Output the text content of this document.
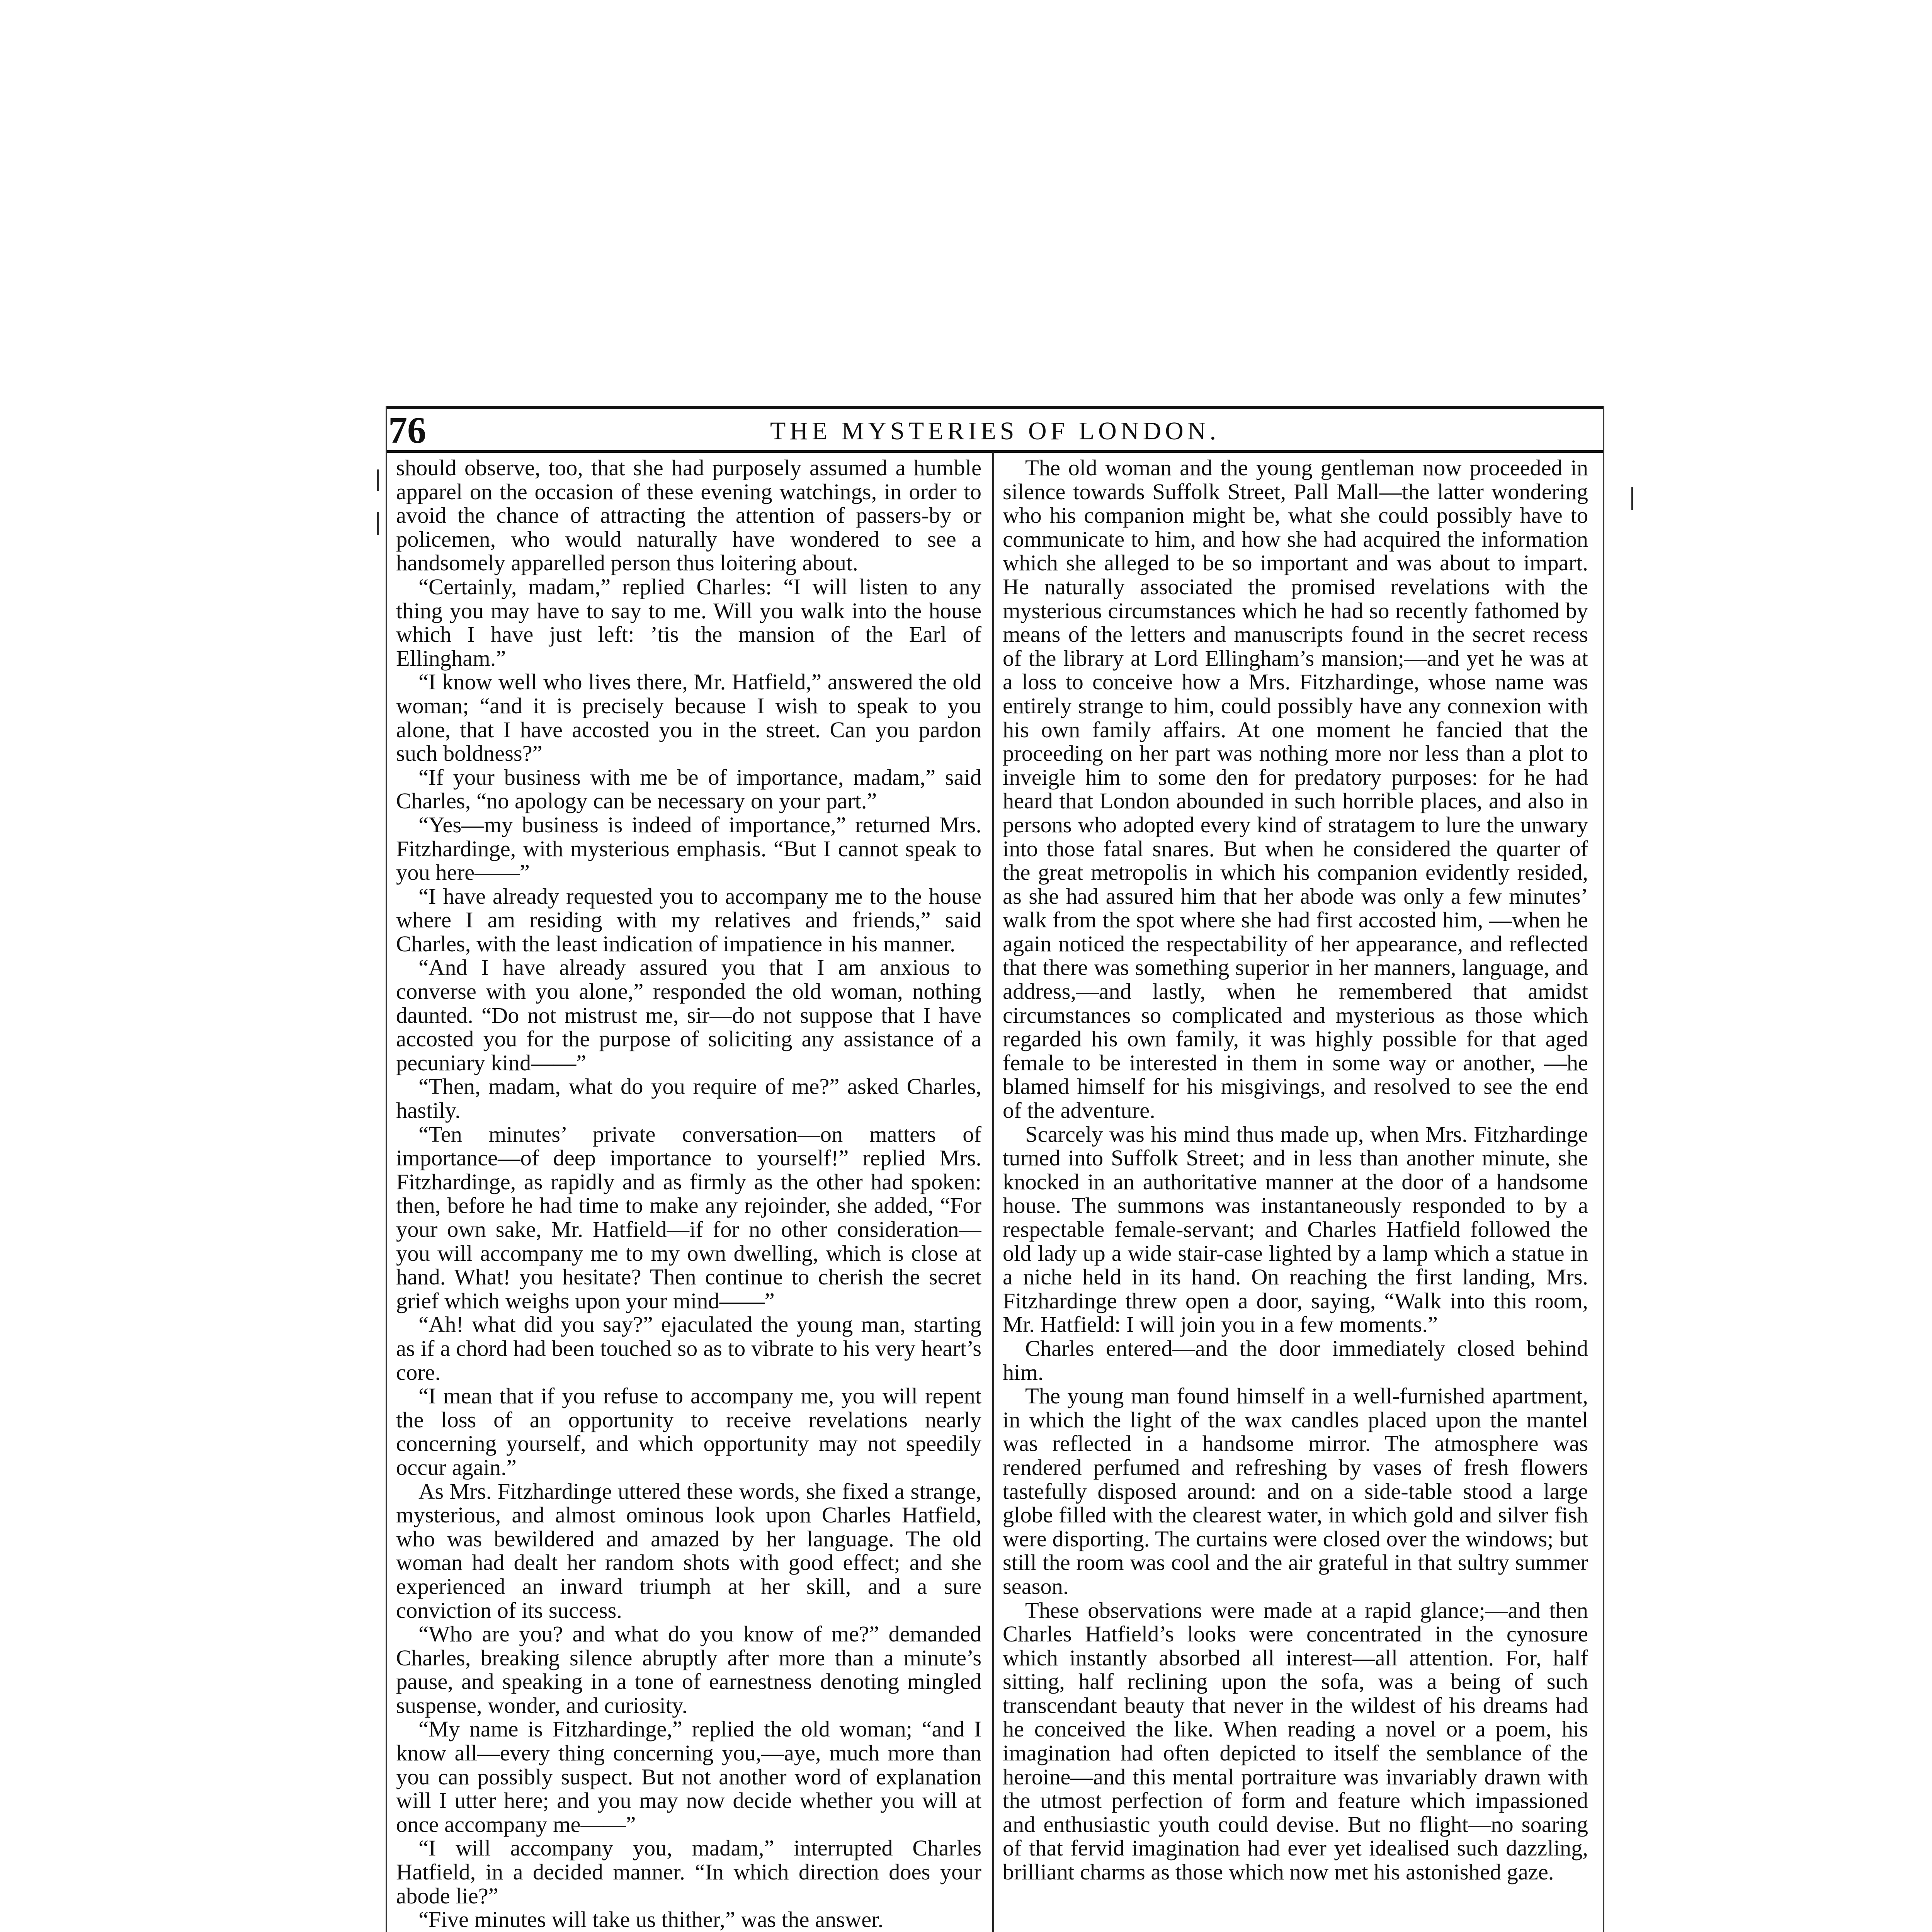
76	THE MYSTERIES OF LONDON.

should observe, too, that she had purposely assumed a humble apparel on the occasion of these evening watchings, in order to avoid the chance of attracting the attention of passers-by or policemen, who would naturally have wondered to see a handsomely apparelled person thus loitering about.

“Certainly, madam,” replied Charles: “I will listen to any thing you may have to say to me. Will you walk into the house which I have just left: ’tis the mansion of the Earl of Ellingham.”

“I know well who lives there, Mr. Hatfield,” answered the old woman; “and it is precisely because I wish to speak to you alone, that I have accosted you in the street. Can you pardon such boldness?”

“If your business with me be of importance, madam,” said Charles, “no apology can be necessary on your part.”

“Yes—my business is indeed of importance,” returned Mrs. Fitzhardinge, with mysterious emphasis. “But I cannot speak to you here——”

“I have already requested you to accompany me to the house where I am residing with my relatives and friends,” said Charles, with the least indication of impatience in his manner.

“And I have already assured you that I am anxious to converse with you alone,” responded the old woman, nothing daunted. “Do not mistrust me, sir—do not suppose that I have accosted you for the purpose of soliciting any assistance of a pecuniary kind——”

“Then, madam, what do you require of me?” asked Charles, hastily.

“Ten minutes’ private conversation—on matters of importance—of deep importance to yourself!” replied Mrs. Fitzhardinge, as rapidly and as firmly as the other had spoken: then, before he had time to make any rejoinder, she added, “For your own sake, Mr. Hatfield—if for no other consideration—you will accompany me to my own dwelling, which is close at hand. What! you hesitate? Then continue to cherish the secret grief which weighs upon your mind——”

“Ah! what did you say?” ejaculated the young man, starting as if a chord had been touched so as to vibrate to his very heart’s core.

“I mean that if you refuse to accompany me, you will repent the loss of an opportunity to receive revelations nearly concerning yourself, and which opportunity may not speedily occur again.”

As Mrs. Fitzhardinge uttered these words, she fixed a strange, mysterious, and almost ominous look upon Charles Hatfield, who was bewildered and amazed by her language. The old woman had dealt her random shots with good effect; and she experienced an inward triumph at her skill, and a sure conviction of its success.

“Who are you? and what do you know of me?” demanded Charles, breaking silence abruptly after more than a minute’s pause, and speaking in a tone of earnestness denoting mingled suspense, wonder, and curiosity.

“My name is Fitzhardinge,” replied the old woman; “and I know all—every thing concerning you,—aye, much more than you can possibly suspect. But not another word of explanation will I utter here; and you may now decide whether you will at once accompany me——”

“I will accompany you, madam,” interrupted Charles Hatfield, in a decided manner. “In which direction does your abode lie?”

“Five minutes will take us thither,” was the answer.

The old woman and the young gentleman now proceeded in silence towards Suffolk Street, Pall Mall—the latter wondering who his companion might be, what she could possibly have to communicate to him, and how she had acquired the information which she alleged to be so important and was about to impart. He naturally associated the promised revelations with the mysterious circumstances which he had so recently fathomed by means of the letters and manuscripts found in the secret recess of the library at Lord Ellingham’s mansion;—and yet he was at a loss to conceive how a Mrs. Fitzhardinge, whose name was entirely strange to him, could possibly have any connexion with his own family affairs. At one moment he fancied that the proceeding on her part was nothing more nor less than a plot to inveigle him to some den for predatory purposes: for he had heard that London abounded in such horrible places, and also in persons who adopted every kind of stratagem to lure the unwary into those fatal snares. But when he considered the quarter of the great metropolis in which his companion evidently resided, as she had assured him that her abode was only a few minutes’ walk from the spot where she had first accosted him, —when he again noticed the respectability of her appearance, and reflected that there was something superior in her manners, language, and address,—and lastly, when he remembered that amidst circumstances so complicated and mysterious as those which regarded his own family, it was highly possible for that aged female to be interested in them in some way or another, —he blamed himself for his misgivings, and resolved to see the end of the adventure.

Scarcely was his mind thus made up, when Mrs. Fitzhardinge turned into Suffolk Street; and in less than another minute, she knocked in an authoritative manner at the door of a handsome house. The summons was instantaneously responded to by a respectable female-servant; and Charles Hatfield followed the old lady up a wide stair-case lighted by a lamp which a statue in a niche held in its hand. On reaching the first landing, Mrs. Fitzhardinge threw open a door, saying, “Walk into this room, Mr. Hatfield: I will join you in a few moments.”

Charles entered—and the door immediately closed behind him.

The young man found himself in a well-furnished apartment, in which the light of the wax candles placed upon the mantel was reflected in a handsome mirror. The atmosphere was rendered perfumed and refreshing by vases of fresh flowers tastefully disposed around: and on a side-table stood a large globe filled with the clearest water, in which gold and silver fish were disporting. The curtains were closed over the windows; but still the room was cool and the air grateful in that sultry summer season.

These observations were made at a rapid glance;—and then Charles Hatfield’s looks were concentrated in the cynosure which instantly absorbed all interest—all attention. For, half sitting, half reclining upon the sofa, was a being of such transcendant beauty that never in the wildest of his dreams had he conceived the like. When reading a novel or a poem, his imagination had often depicted to itself the semblance of the heroine—and this mental portraiture was invariably drawn with the utmost perfection of form and feature which impassioned and enthusiastic youth could devise. But no flight—no soaring of that fervid imagination had ever yet idealised such dazzling, brilliant charms as those which now met his astonished gaze.
